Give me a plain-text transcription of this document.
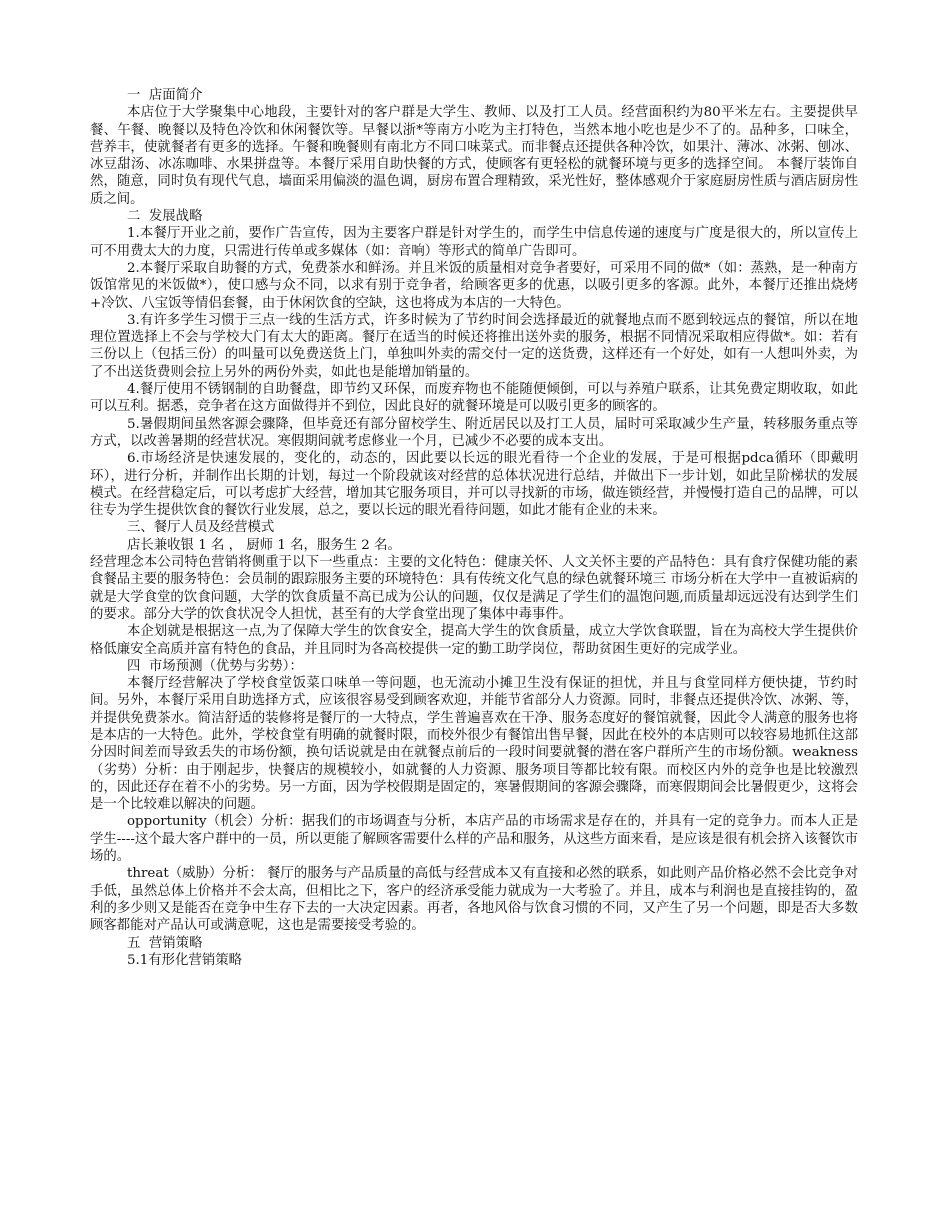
一  店面简介
本店位于大学聚集中心地段，主要针对的客户群是大学生、教师、以及打工人员。经营面积约为80平米左右。主要提供早餐、午餐、晚餐以及特色冷饮和休闲餐饮等。早餐以浙*等南方小吃为主打特色，当然本地小吃也是少不了的。品种多，口味全，营养丰，使就餐者有更多的选择。午餐和晚餐则有南北方不同口味菜式。而非餐点还提供各种冷饮，如果汁、薄冰、冰粥、刨冰、冰豆甜汤、冰冻咖啡、水果拼盘等。本餐厅采用自助快餐的方式，使顾客有更轻松的就餐环境与更多的选择空间。 本餐厅装饰自然，随意，同时负有现代气息，墙面采用偏淡的温色调，厨房布置合理精致，采光性好，整体感观介于家庭厨房性质与酒店厨房性质之间。
二  发展战略
1.本餐厅开业之前，要作广告宣传，因为主要客户群是针对学生的，而学生中信息传递的速度与广度是很大的，所以宣传上可不用费太大的力度，只需进行传单或多媒体（如：音响）等形式的简单广告即可。
2.本餐厅采取自助餐的方式，免费茶水和鲜汤。并且米饭的质量相对竞争者要好，可采用不同的做*（如：蒸熟，是一种南方饭馆常见的米饭做*），使口感与众不同，以求有别于竞争者，给顾客更多的优惠，以吸引更多的客源。此外，本餐厅还推出烧烤+冷饮、八宝饭等情侣套餐，由于休闲饮食的空缺，这也将成为本店的一大特色。
3.有许多学生习惯于三点一线的生活方式，许多时候为了节约时间会选择最近的就餐地点而不愿到较远点的餐馆，所以在地理位置选择上不会与学校大门有太大的距离。餐厅在适当的时候还将推出送外卖的服务，根据不同情况采取相应得做*。如：若有三份以上（包括三份）的叫量可以免费送货上门，单独叫外卖的需交付一定的送货费，这样还有一个好处，如有一人想叫外卖，为了不出送货费则会拉上另外的两份外卖，如此也是能增加销量的。
4.餐厅使用不锈钢制的自助餐盘，即节约又环保，而废弃物也不能随便倾倒，可以与养殖户联系，让其免费定期收取，如此可以互利。据悉，竞争者在这方面做得并不到位，因此良好的就餐环境是可以吸引更多的顾客的。
5.暑假期间虽然客源会骤降，但毕竟还有部分留校学生、附近居民以及打工人员，届时可采取减少生产量，转移服务重点等方式，以改善暑期的经营状况。寒假期间就考虑修业一个月，已减少不必要的成本支出。
6.市场经济是快速发展的，变化的，动态的，因此要以长远的眼光看待一个企业的发展，于是可根据pdca循环（即戴明环），进行分析，并制作出长期的计划，每过一个阶段就该对经营的总体状况进行总结，并做出下一步计划，如此呈阶梯状的发展模式。在经营稳定后，可以考虑扩大经营，增加其它服务项目，并可以寻找新的市场，做连锁经营，并慢慢打造自己的品牌，可以往专为学生提供饮食的餐饮行业发展，总之，要以长远的眼光看待问题，如此才能有企业的未来。
三、餐厅人员及经营模式
店长兼收银 1 名 ， 厨师 1 名，服务生 2 名。
经营理念本公司特色营销将侧重于以下一些重点：主要的文化特色：健康关怀、人文关怀主要的产品特色：具有食疗保健功能的素食餐品主要的服务特色：会员制的跟踪服务主要的环境特色：具有传统文化气息的绿色就餐环境三 市场分析在大学中一直被诟病的就是大学食堂的饮食问题，大学的饮食质量不高已成为公认的问题，仅仅是满足了学生们的温饱问题,而质量却远远没有达到学生们的要求。部分大学的饮食状况令人担忧，甚至有的大学食堂出现了集体中毒事件。
本企划就是根据这一点,为了保障大学生的饮食安全，提高大学生的饮食质量，成立大学饮食联盟，旨在为高校大学生提供价格低廉安全高质并富有特色的食品，并且同时为各高校提供一定的勤工助学岗位，帮助贫困生更好的完成学业。
四  市场预测（优势与劣势）：
本餐厅经营解决了学校食堂饭菜口味单一等问题，也无流动小摊卫生没有保证的担忧，并且与食堂同样方便快捷，节约时间。另外，本餐厅采用自助选择方式，应该很容易受到顾客欢迎，并能节省部分人力资源。同时，非餐点还提供冷饮、冰粥、等，并提供免费茶水。简洁舒适的装修将是餐厅的一大特点，学生普遍喜欢在干净、服务态度好的餐馆就餐，因此令人满意的服务也将是本店的一大特色。此外，学校食堂有明确的就餐时限，而校外很少有餐馆出售早餐，因此在校外的本店则可以较容易地抓住这部分因时间差而导致丢失的市场份额，换句话说就是由在就餐点前后的一段时间要就餐的潜在客户群所产生的市场份额。weakness（劣势）分析：由于刚起步，快餐店的规模较小，如就餐的人力资源、服务项目等都比较有限。而校区内外的竞争也是比较激烈的，因此还存在着不小的劣势。另一方面，因为学校假期是固定的，寒暑假期间的客源会骤降，而寒假期间会比暑假更少，这将会是一个比较难以解决的问题。
opportunity（机会）分析：据我们的市场调查与分析，本店产品的市场需求是存在的，并具有一定的竞争力。而本人正是学生----这个最大客户群中的一员，所以更能了解顾客需要什么样的产品和服务，从这些方面来看，是应该是很有机会挤入该餐饮市场的。
threat（威胁）分析： 餐厅的服务与产品质量的高低与经营成本又有直接和必然的联系，如此则产品价格必然不会比竞争对手低，虽然总体上价格并不会太高，但相比之下，客户的经济承受能力就成为一大考验了。并且，成本与利润也是直接挂钩的，盈利的多少则又是能否在竞争中生存下去的一大决定因素。再者，各地风俗与饮食习惯的不同，又产生了另一个问题，即是否大多数顾客都能对产品认可或满意呢，这也是需要接受考验的。
五  营销策略
5.1有形化营销策略
